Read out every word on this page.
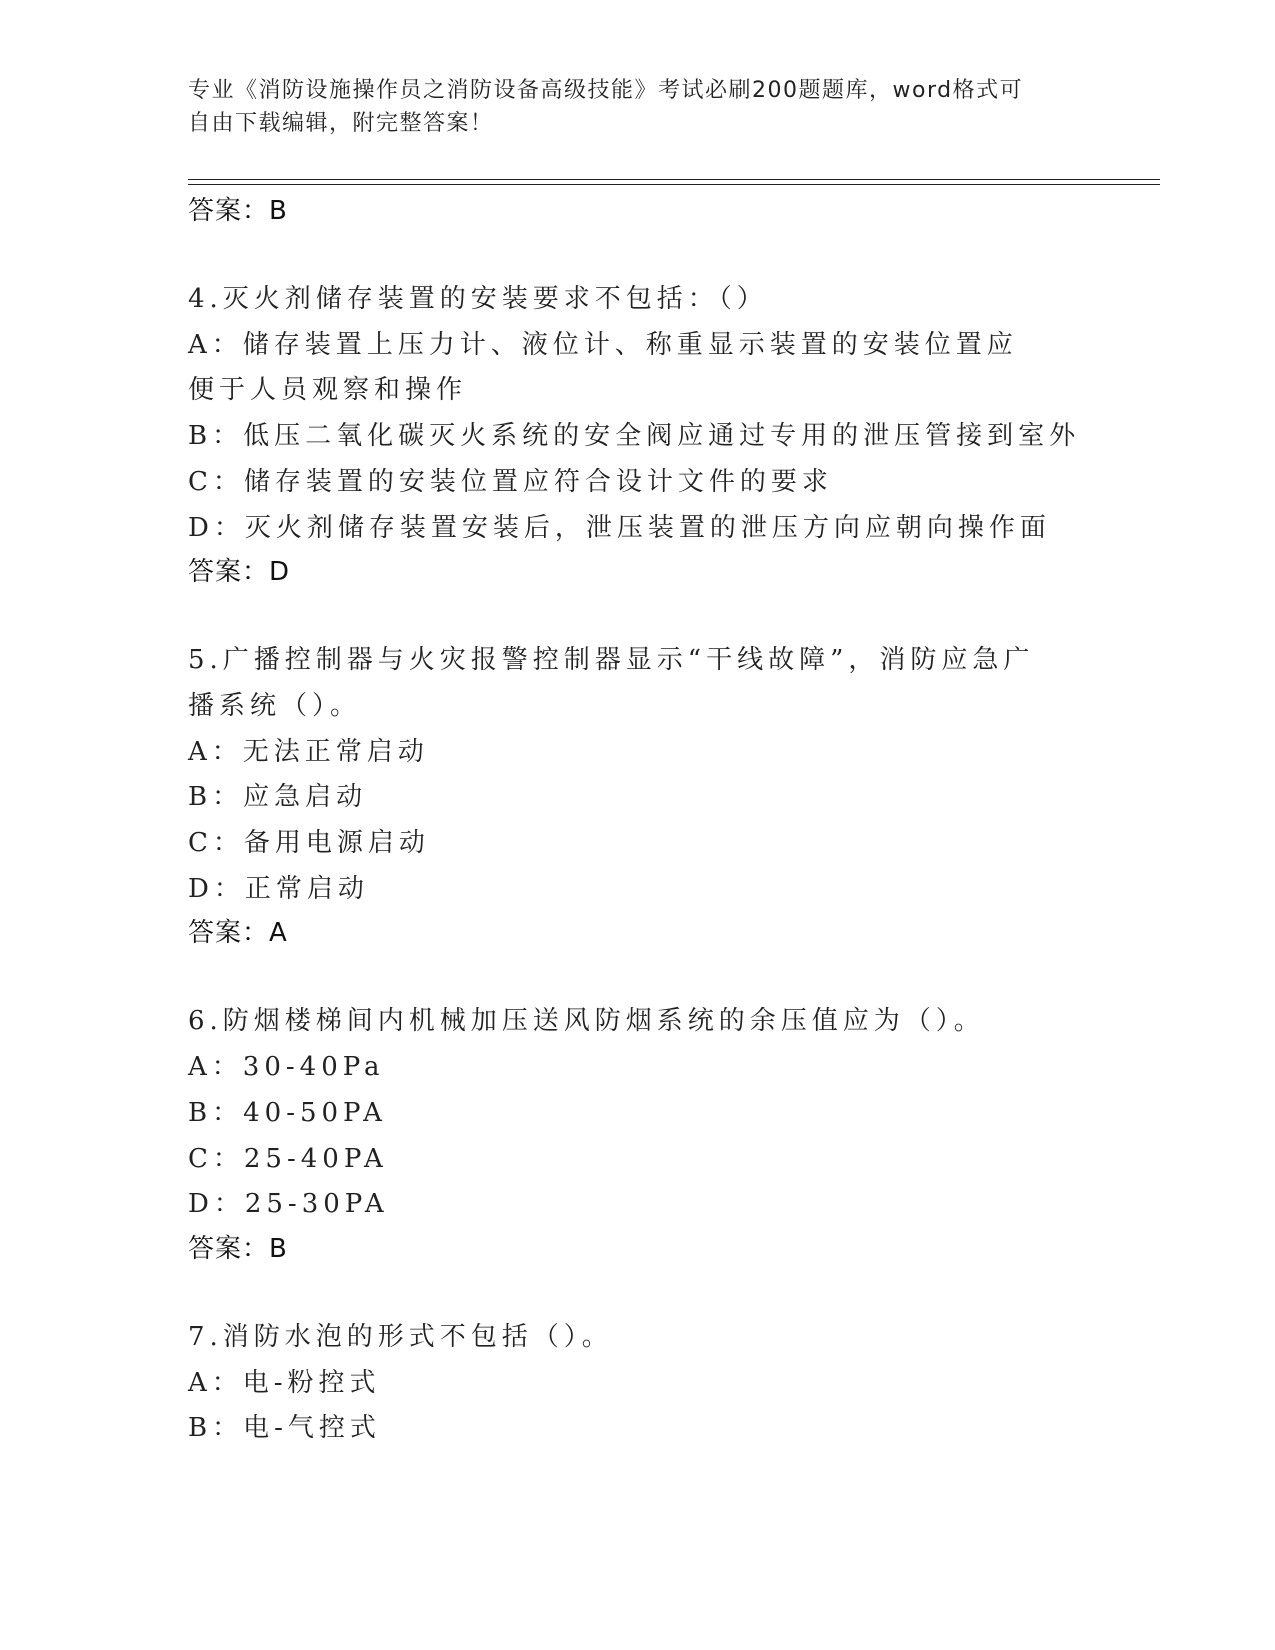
专业《消防设施操作员之消防设备高级技能》考试必刷200题题库，word格式可
自由下载编辑，附完整答案！
答案：B
4.灭火剂储存装置的安装要求不包括：（）
A：储存装置上压力计、液位计、称重显示装置的安装位置应便于人员观察和操作
B：低压二氧化碳灭火系统的安全阀应通过专用的泄压管接到室外
C：储存装置的安装位置应符合设计文件的要求
D：灭火剂储存装置安装后，泄压装置的泄压方向应朝向操作面
答案：D
5.广播控制器与火灾报警控制器显示“干线故障”，消防应急广播系统（）。
A：无法正常启动
B：应急启动
C：备用电源启动
D：正常启动
答案：A
6.防烟楼梯间内机械加压送风防烟系统的余压值应为（）。
A：30-40Pa
B：40-50PA
C：25-40PA
D：25-30PA
答案：B
7.消防水泡的形式不包括（）。
A：电-粉控式
B：电-气控式
